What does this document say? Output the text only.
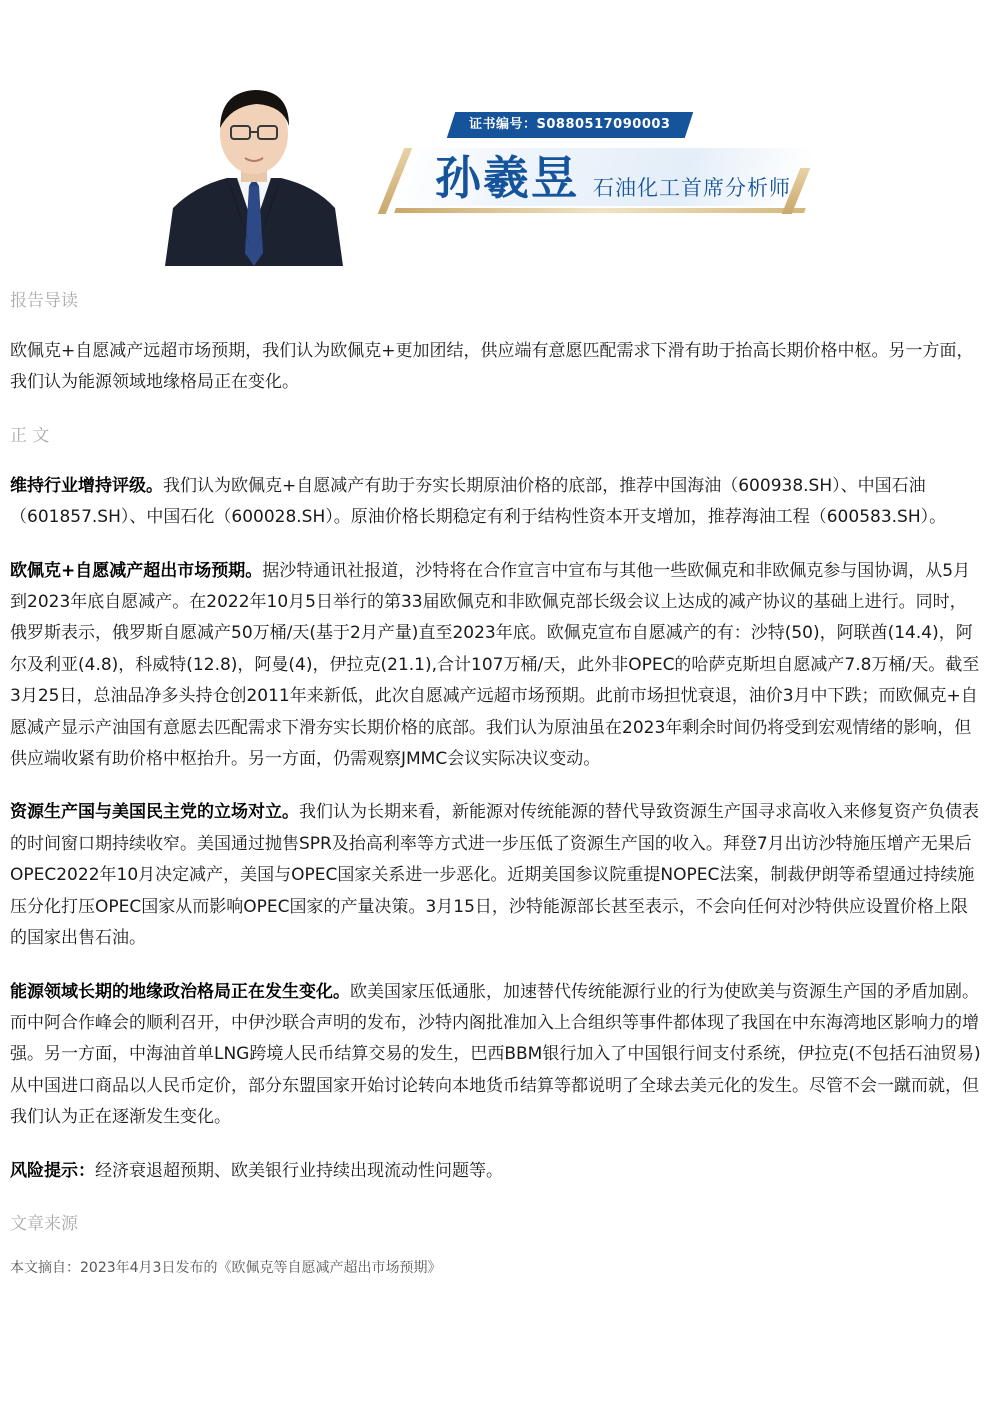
证书编号：S0880517090003
孙羲昱 石油化工首席分析师
报告导读

欧佩克+自愿减产远超市场预期，我们认为欧佩克+更加团结，供应端有意愿匹配需求下滑有助于抬高长期价格中枢。另一方面，我们认为能源领域地缘格局正在变化。

正 文

维持行业增持评级。我们认为欧佩克+自愿减产有助于夯实长期原油价格的底部，推荐中国海油（600938.SH）、中国石油（601857.SH）、中国石化（600028.SH）。原油价格长期稳定有利于结构性资本开支增加，推荐海油工程（600583.SH）。

欧佩克+自愿减产超出市场预期。据沙特通讯社报道，沙特将在合作宣言中宣布与其他一些欧佩克和非欧佩克参与国协调，从5月到2023年底自愿减产。在2022年10月5日举行的第33届欧佩克和非欧佩克部长级会议上达成的减产协议的基础上进行。同时，俄罗斯表示，俄罗斯自愿减产50万桶/天(基于2月产量)直至2023年底。欧佩克宣布自愿减产的有：沙特(50)，阿联酋(14.4)，阿尔及利亚(4.8)，科威特(12.8)，阿曼(4)，伊拉克(21.1),合计107万桶/天，此外非OPEC的哈萨克斯坦自愿减产7.8万桶/天。截至3月25日，总油品净多头持仓创2011年来新低，此次自愿减产远超市场预期。此前市场担忧衰退，油价3月中下跌；而欧佩克+自愿减产显示产油国有意愿去匹配需求下滑夯实长期价格的底部。我们认为原油虽在2023年剩余时间仍将受到宏观情绪的影响，但供应端收紧有助价格中枢抬升。另一方面，仍需观察JMMC会议实际决议变动。

资源生产国与美国民主党的立场对立。我们认为长期来看，新能源对传统能源的替代导致资源生产国寻求高收入来修复资产负债表的时间窗口期持续收窄。美国通过抛售SPR及抬高利率等方式进一步压低了资源生产国的收入。拜登7月出访沙特施压增产无果后OPEC2022年10月决定减产，美国与OPEC国家关系进一步恶化。近期美国参议院重提NOPEC法案，制裁伊朗等希望通过持续施压分化打压OPEC国家从而影响OPEC国家的产量决策。3月15日，沙特能源部长甚至表示，不会向任何对沙特供应设置价格上限的国家出售石油。

能源领域长期的地缘政治格局正在发生变化。欧美国家压低通胀，加速替代传统能源行业的行为使欧美与资源生产国的矛盾加剧。而中阿合作峰会的顺利召开，中伊沙联合声明的发布，沙特内阁批准加入上合组织等事件都体现了我国在中东海湾地区影响力的增强。另一方面，中海油首单LNG跨境人民币结算交易的发生，巴西BBM银行加入了中国银行间支付系统，伊拉克(不包括石油贸易)从中国进口商品以人民币定价，部分东盟国家开始讨论转向本地货币结算等都说明了全球去美元化的发生。尽管不会一蹴而就，但我们认为正在逐渐发生变化。

风险提示：经济衰退超预期、欧美银行业持续出现流动性问题等。

文章来源
本文摘自：2023年4月3日发布的《欧佩克等自愿减产超出市场预期》
